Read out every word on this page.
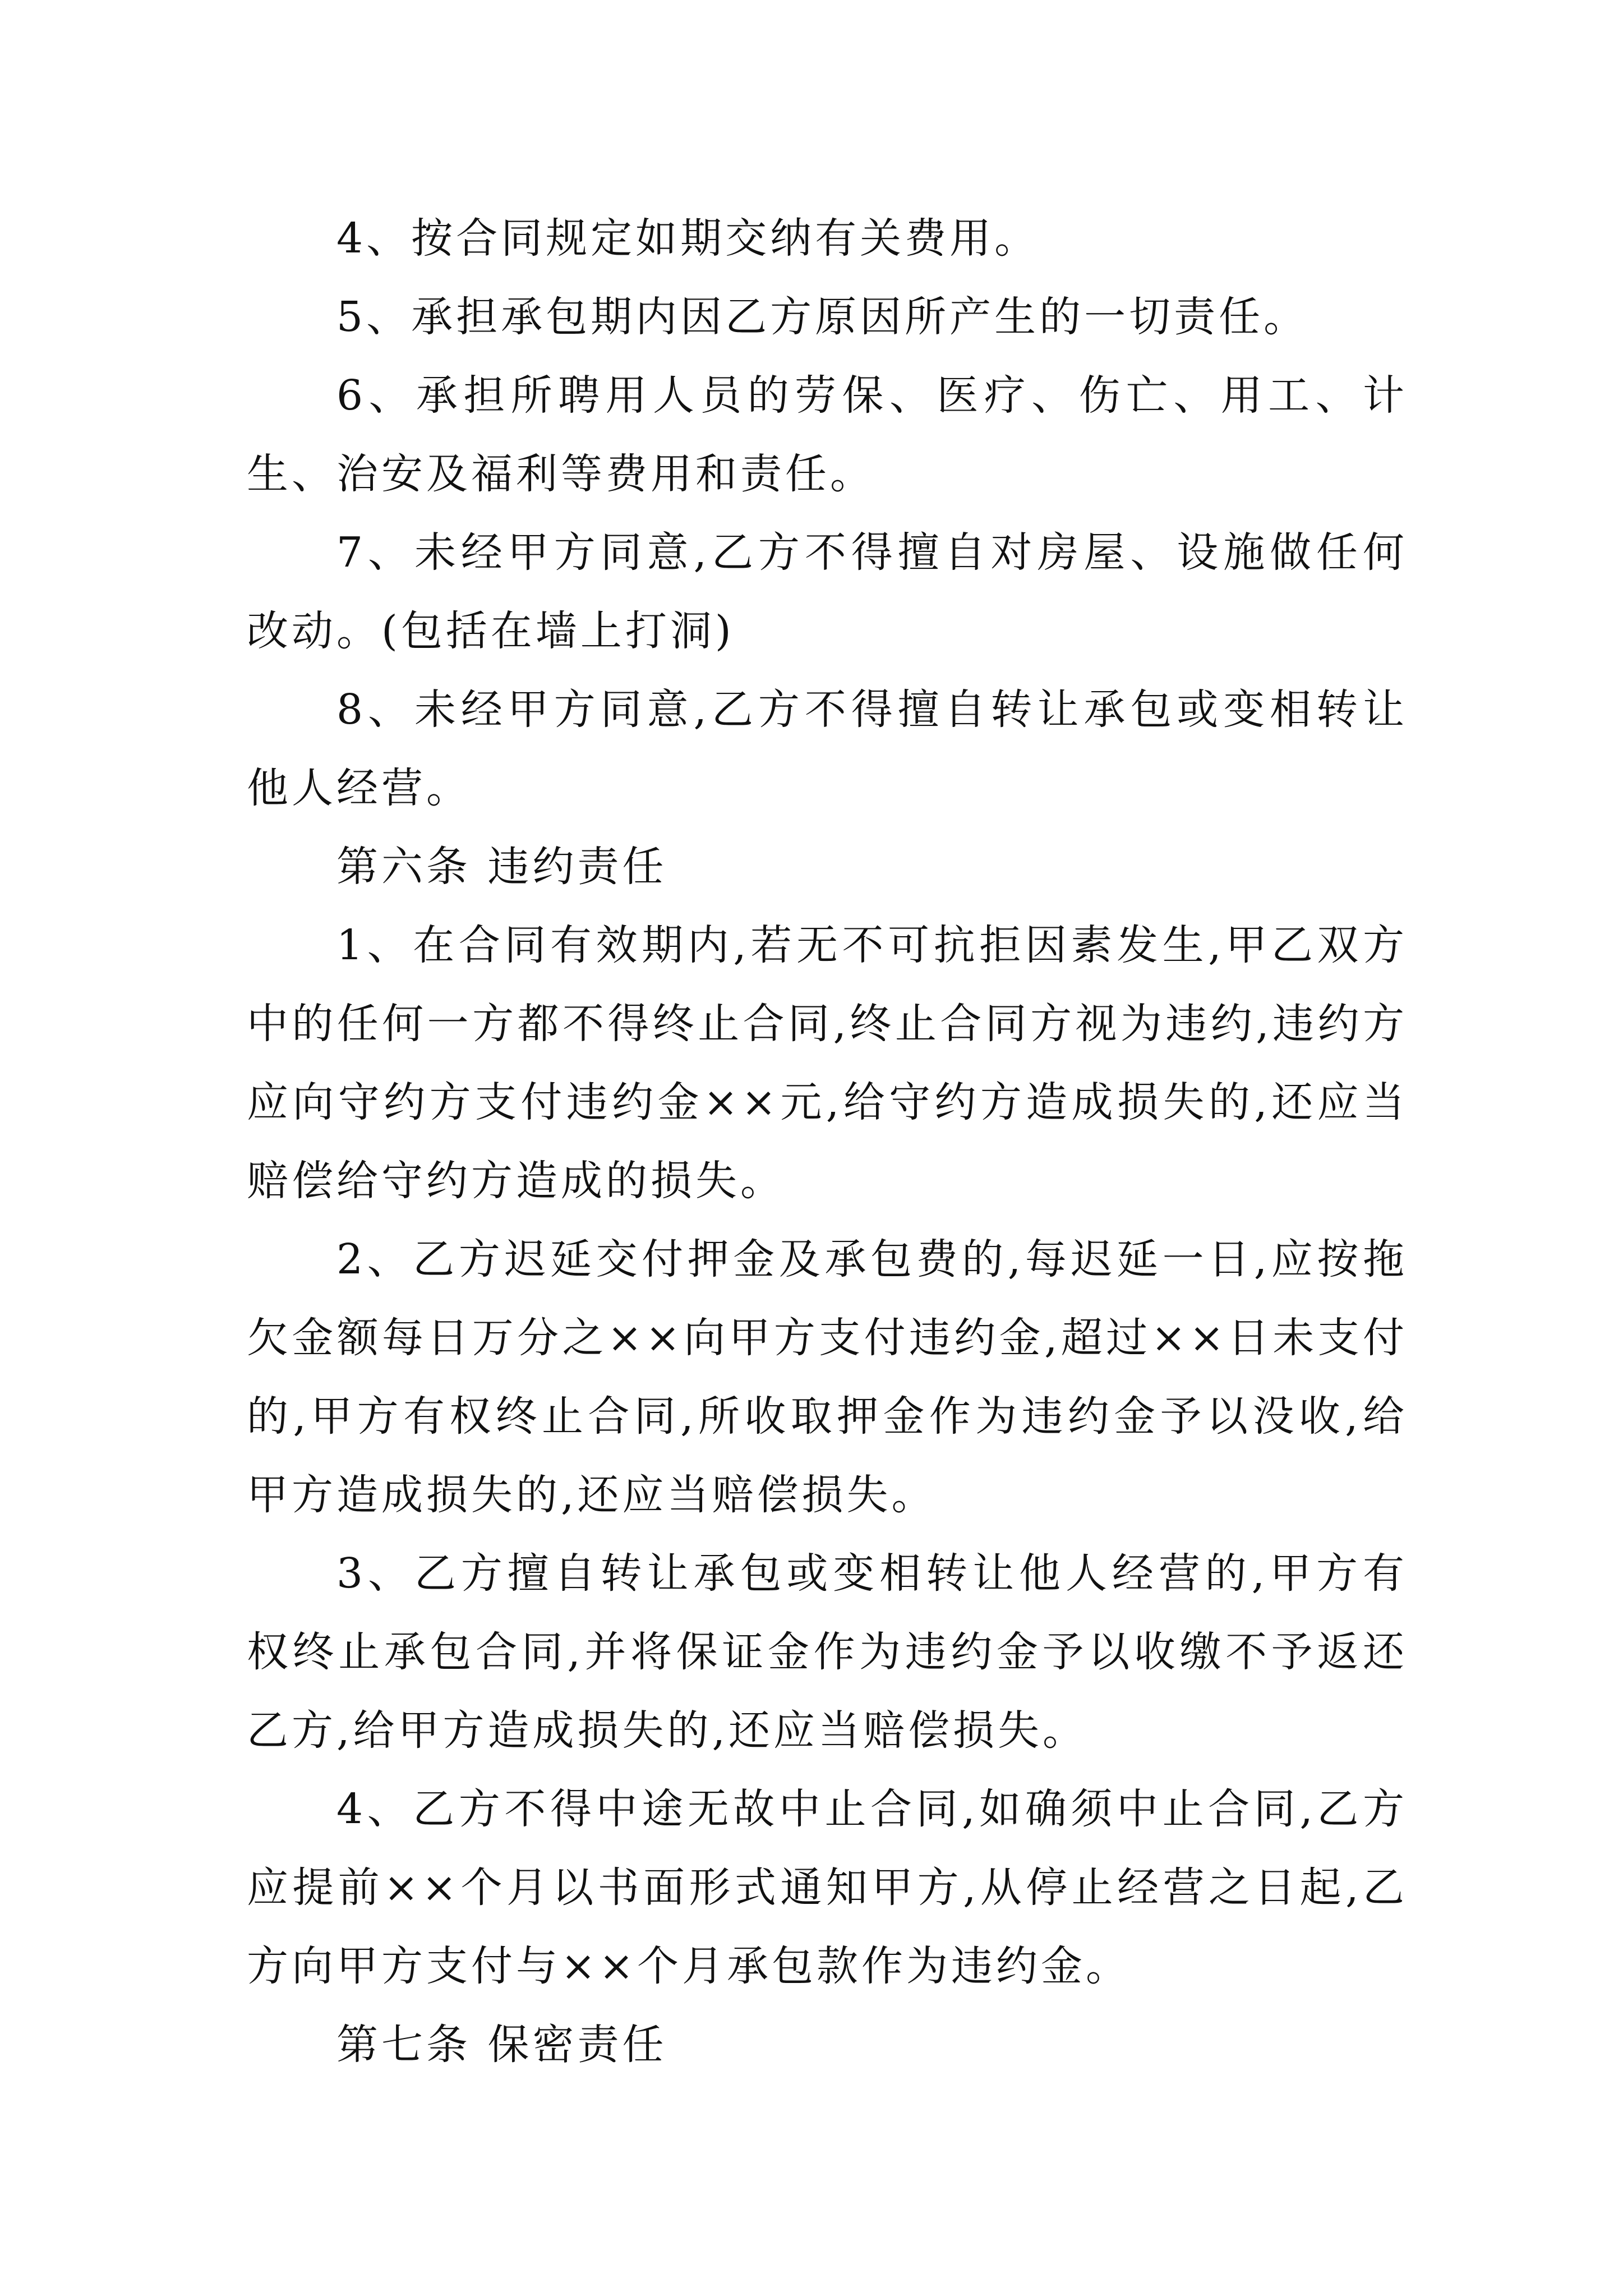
4、按合同规定如期交纳有关费用。

5、承担承包期内因乙方原因所产生的一切责任。

6、承担所聘用人员的劳保、医疗、伤亡、用工、计生、治安及福利等费用和责任。

7、未经甲方同意,乙方不得擅自对房屋、设施做任何改动。(包括在墙上打洞)

8、未经甲方同意,乙方不得擅自转让承包或变相转让他人经营。

第六条 违约责任

1、在合同有效期内,若无不可抗拒因素发生,甲乙双方中的任何一方都不得终止合同,终止合同方视为违约,违约方应向守约方支付违约金××元,给守约方造成损失的,还应当赔偿给守约方造成的损失。

2、乙方迟延交付押金及承包费的,每迟延一日,应按拖欠金额每日万分之××向甲方支付违约金,超过××日未支付的,甲方有权终止合同,所收取押金作为违约金予以没收,给甲方造成损失的,还应当赔偿损失。

3、乙方擅自转让承包或变相转让他人经营的,甲方有权终止承包合同,并将保证金作为违约金予以收缴不予返还乙方,给甲方造成损失的,还应当赔偿损失。

4、乙方不得中途无故中止合同,如确须中止合同,乙方应提前××个月以书面形式通知甲方,从停止经营之日起,乙方向甲方支付与××个月承包款作为违约金。

第七条 保密责任
